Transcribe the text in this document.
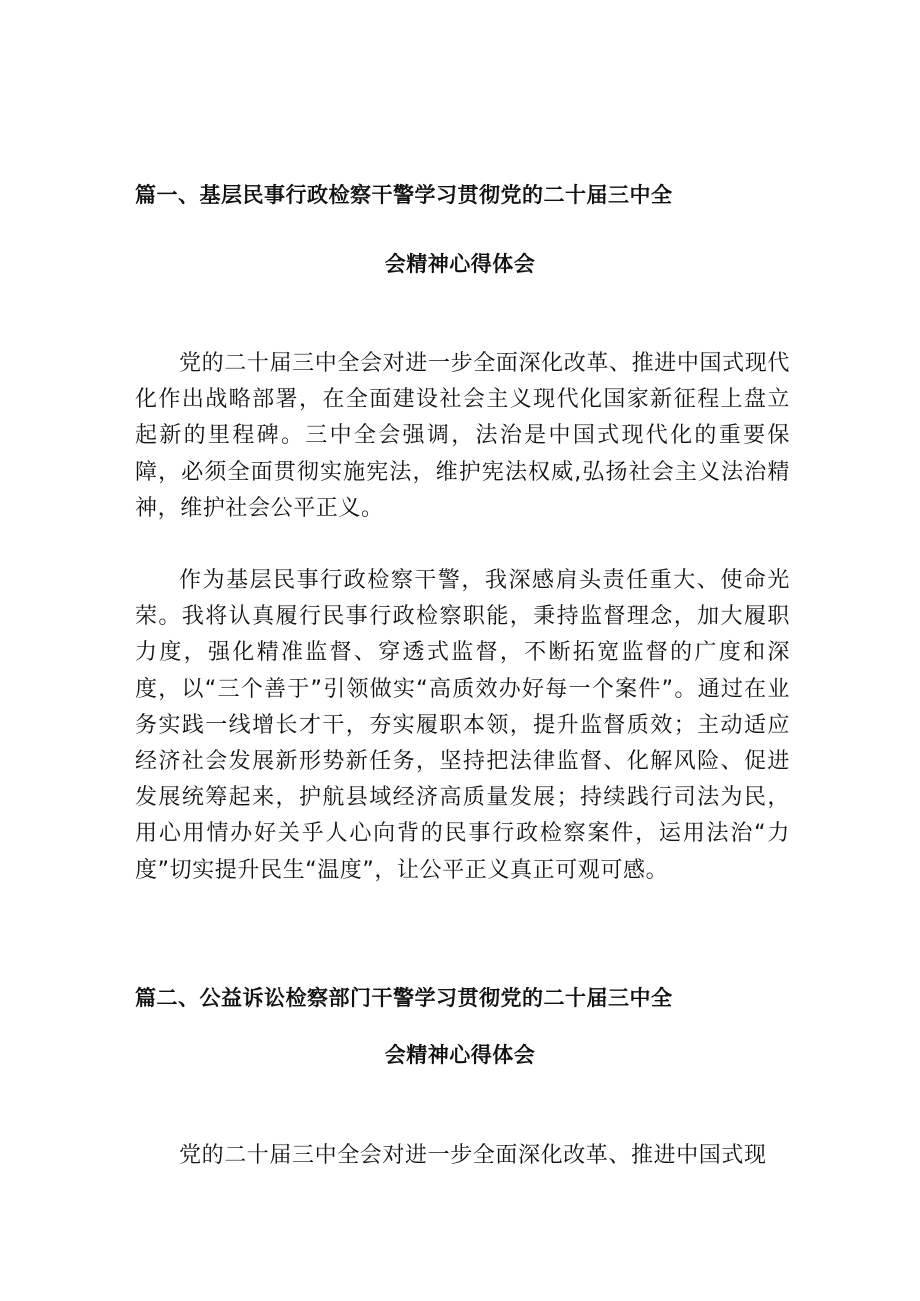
篇一、基层民事行政检察干警学习贯彻党的二十届三中全
会精神心得体会

党的二十届三中全会对进一步全面深化改革、推进中国式现代化作出战略部署，在全面建设社会主义现代化国家新征程上盘立起新的里程碑。三中全会强调，法治是中国式现代化的重要保障，必须全面贯彻实施宪法，维护宪法权威,弘扬社会主义法治精神，维护社会公平正义。

作为基层民事行政检察干警，我深感肩头责任重大、使命光荣。我将认真履行民事行政检察职能，秉持监督理念，加大履职力度，强化精准监督、穿透式监督，不断拓宽监督的广度和深度，以“三个善于”引领做实“高质效办好每一个案件”。通过在业务实践一线增长才干，夯实履职本领，提升监督质效；主动适应经济社会发展新形势新任务，坚持把法律监督、化解风险、促进发展统筹起来，护航县域经济高质量发展；持续践行司法为民，用心用情办好关乎人心向背的民事行政检察案件，运用法治“力度”切实提升民生“温度”，让公平正义真正可观可感。

篇二、公益诉讼检察部门干警学习贯彻党的二十届三中全
会精神心得体会

党的二十届三中全会对进一步全面深化改革、推进中国式现
